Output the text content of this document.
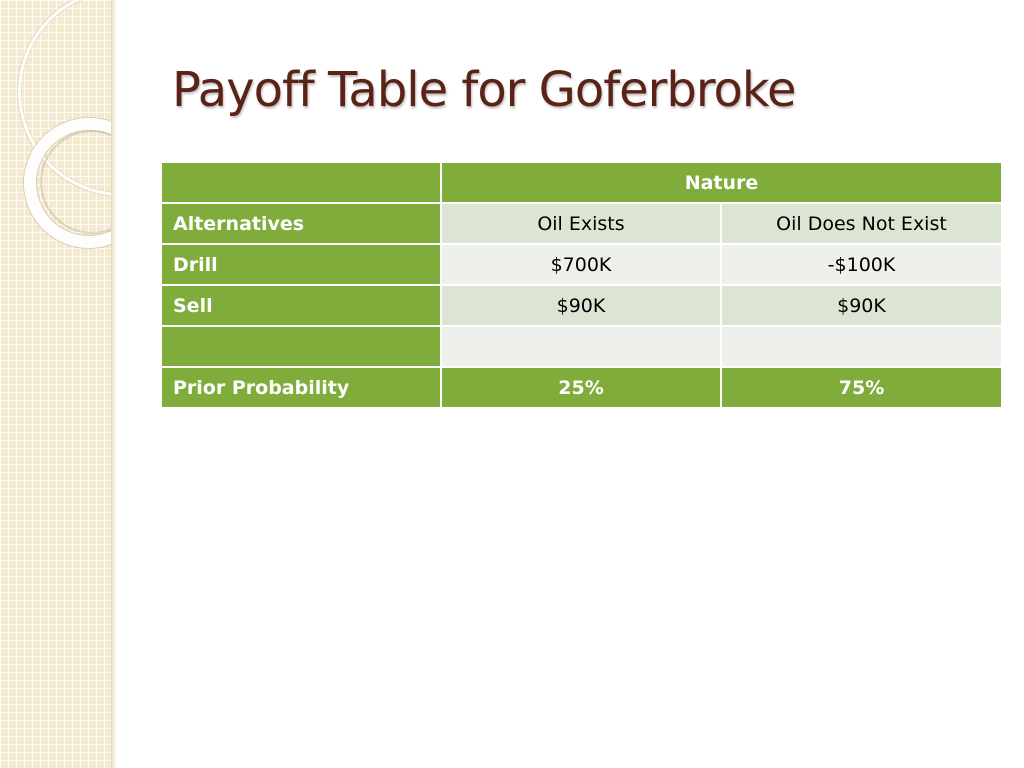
Payoff Table for Goferbroke
	Nature	
Alternatives	Oil Exists	Oil Does Not Exist
Drill	$700K	-$100K
Sell	$90K	$90K

Prior Probability	25%	75%
